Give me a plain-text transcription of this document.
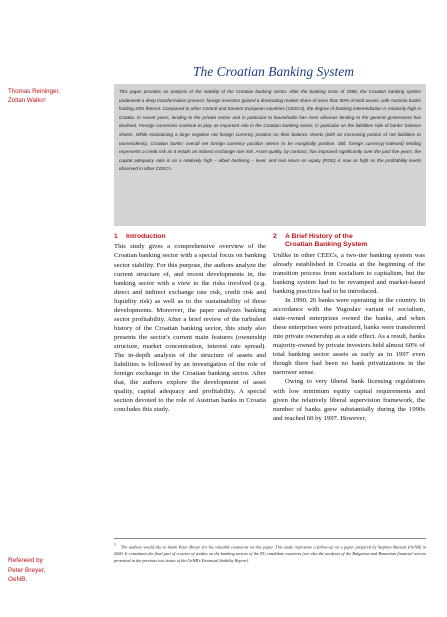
The Croatian Banking System
Thomas Reininger,
Zoltan Walko¹
This paper provides an analysis of the stability of the Croatian banking sector. After the banking crisis of 1998, the Croatian banking system underwent a deep transformation process; foreign investors gained a dominating market share of more than 90% of total assets, with Austrian banks holding 43% thereof. Compared to other Central and Eastern European countries (CEECs), the degree of banking intermediation is relatively high in Croatia. In recent years, lending to the private sector and in particular to households has risen whereas lending to the general government has declined. Foreign currencies continue to play an important role in the Croatian banking sector, in particular on the liabilities side of banks' balance sheets. While maintaining a large negative net foreign currency position on their balance sheets (with an increasing portion of net liabilities to nonresidents), Croatian banks' overall net foreign currency position seems to be marginally positive. Still, foreign currency(-indexed) lending represents a credit risk as it entails an indirect exchange rate risk. Asset quality, by contrast, has improved significantly over the past five years, the capital adequacy ratio is on a relatively high – albeit declining – level, and real return on equity (ROE) is now as high as the profitability levels observed in other CEECs.
1 Introduction

This study gives a comprehensive overview of the Croatian banking sector with a special focus on banking sector stability. For this purpose, the authors analyze the current structure of, and recent developments in, the banking sector with a view to the risks involved (e.g. direct and indirect exchange rate risk, credit risk and liquidity risk) as well as to the sustainability of these developments. Moreover, the paper analyzes banking sector profitability. After a brief review of the turbulent history of the Croatian banking sector, this study also presents the sector's current main features (ownership structure, market concentration, interest rate spread). The in-depth analysis of the structure of assets and liabilities is followed by an investigation of the role of foreign exchange in the Croatian banking sector. After that, the authors explore the development of asset quality, capital adequacy and profitability. A special section devoted to the role of Austrian banks in Croatia concludes this study.

2 A Brief History of the
Croatian Banking System

Unlike in other CEECs, a two-tier banking system was already established in Croatia at the beginning of the transition process from socialism to capitalism, but the banking system had to be revamped and market-based banking practices had to be introduced.

In 1990, 26 banks were operating in the country. In accordance with the Yugoslav variant of socialism, state-owned enterprises owned the banks, and when these enterprises were privatized, banks were transferred into private ownership as a side effect. As a result, banks majority-owned by private investors held almost 60% of total banking sector assets as early as in 1997 even though there had been no bank privatizations in the narrower sense.

Owing to very liberal bank licensing regulations with low minimum equity capital requirements and given the relatively liberal supervision framework, the number of banks grew substantially during the 1990s and reached 60 by 1997. However,

$^1$ The authors would like to thank Peter Breyer for his valuable comments on this paper. This study represents a follow-up on a paper prepared by Stephan Barisitz (OeNB) in 2000. It constitutes the final part of a series of studies on the banking sectors of the EU candidate countries (see also the analyses of the Bulgarian and Romanian financial sectors presented in the previous two issues of the OeNB's Financial Stability Report).
Refereed by
Peter Breyer,
OeNB.
